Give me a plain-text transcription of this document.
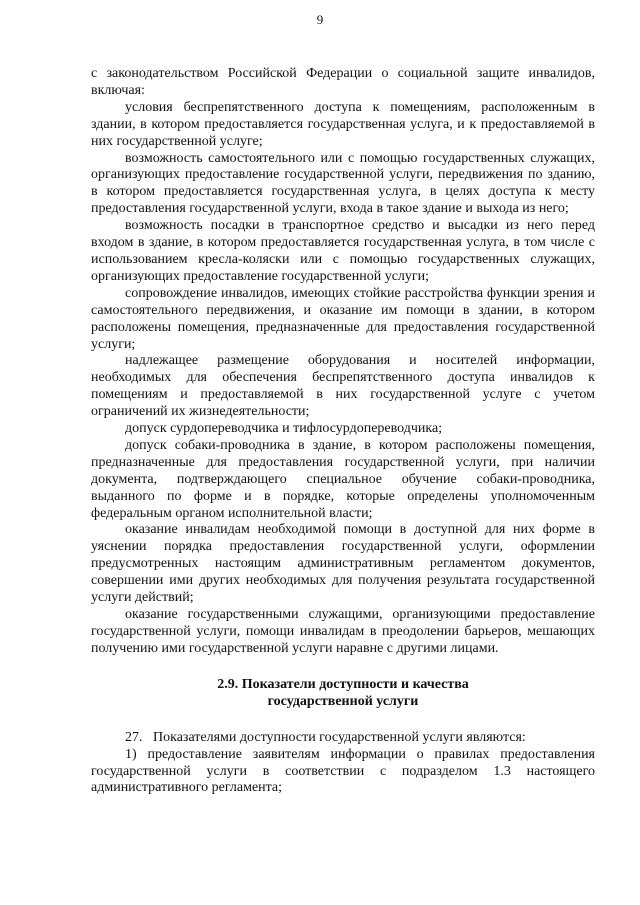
9

с законодательством Российской Федерации о социальной защите инвалидов, включая:

условия беспрепятственного доступа к помещениям, расположенным в здании, в котором предоставляется государственная услуга, и к предоставляемой в них государственной услуге;

возможность самостоятельного или с помощью государственных служащих, организующих предоставление государственной услуги, передвижения по зданию, в котором предоставляется государственная услуга, в целях доступа к месту предоставления государственной услуги, входа в такое здание и выхода из него;

возможность посадки в транспортное средство и высадки из него перед входом в здание, в котором предоставляется государственная услуга, в том числе с использованием кресла-коляски или с помощью государственных служащих, организующих предоставление государственной услуги;

сопровождение инвалидов, имеющих стойкие расстройства функции зрения и самостоятельного передвижения, и оказание им помощи в здании, в котором расположены помещения, предназначенные для предоставления государственной услуги;

надлежащее размещение оборудования и носителей информации, необходимых для обеспечения беспрепятственного доступа инвалидов к помещениям и предоставляемой в них государственной услуге с учетом ограничений их жизнедеятельности;

допуск сурдопереводчика и тифлосурдопереводчика;

допуск собаки-проводника в здание, в котором расположены помещения, предназначенные для предоставления государственной услуги, при наличии документа, подтверждающего специальное обучение собаки-проводника, выданного по форме и в порядке, которые определены уполномоченным федеральным органом исполнительной власти;

оказание инвалидам необходимой помощи в доступной для них форме в уяснении порядка предоставления государственной услуги, оформлении предусмотренных настоящим административным регламентом документов, совершении ими других необходимых для получения результата государственной услуги действий;

оказание государственными служащими, организующими предоставление государственной услуги, помощи инвалидам в преодолении барьеров, мешающих получению ими государственной услуги наравне с другими лицами.

2.9. Показатели доступности и качества
государственной услуги

27.   Показателями доступности государственной услуги являются:

1) предоставление заявителям информации о правилах предоставления государственной услуги в соответствии с подразделом 1.3 настоящего административного регламента;
